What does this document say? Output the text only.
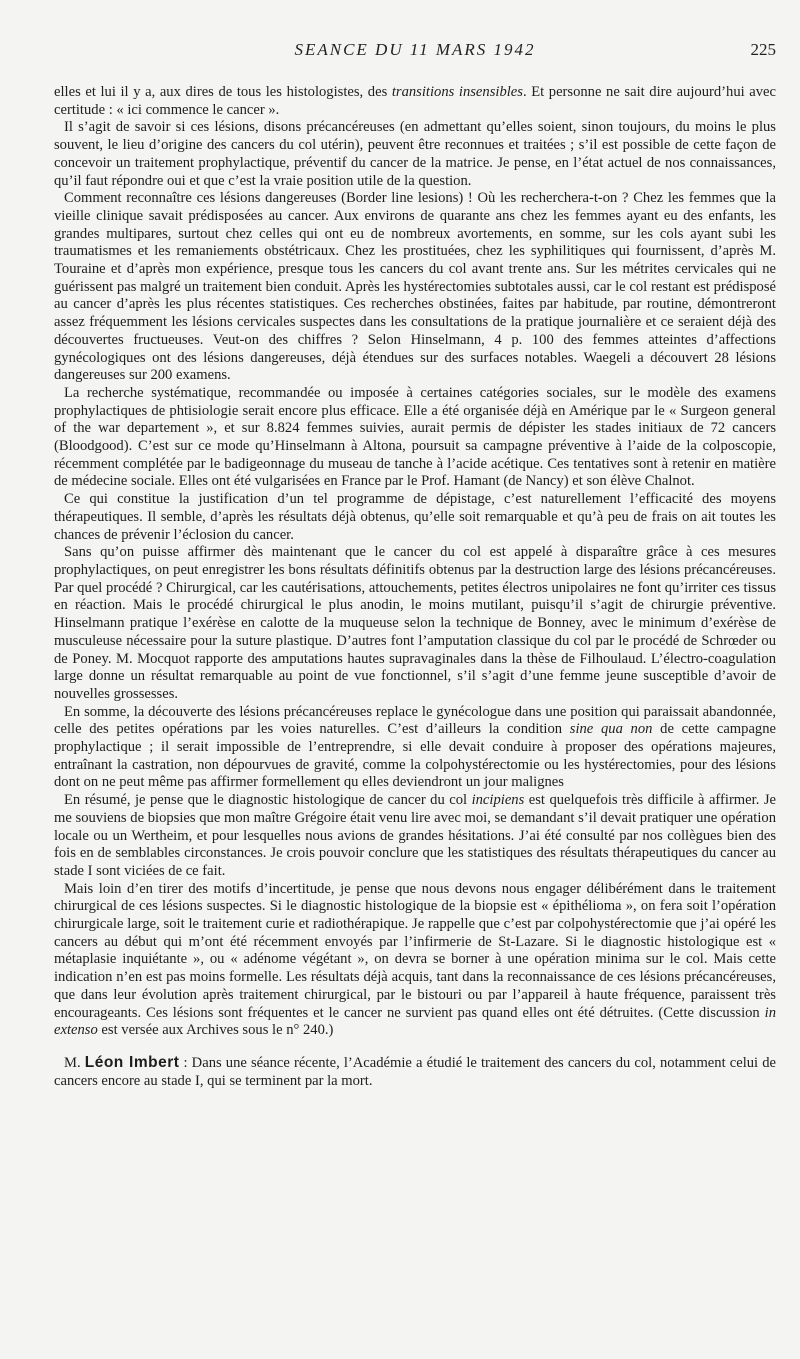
SEANCE DU 11 MARS 1942	225

elles et lui il y a, aux dires de tous les histologistes, des transitions insensibles. Et personne ne sait dire aujourd’hui avec certitude : « ici commence le cancer ».

Il s’agit de savoir si ces lésions, disons précancéreuses (en admettant qu’elles soient, sinon toujours, du moins le plus souvent, le lieu d’origine des cancers du col utérin), peuvent être reconnues et traitées ; s’il est possible de cette façon de concevoir un traitement prophylactique, préventif du cancer de la matrice. Je pense, en l’état actuel de nos connaissances, qu’il faut répondre oui et que c’est la vraie position utile de la question.

Comment reconnaître ces lésions dangereuses (Border line lesions) ! Où les recherchera-t-on ? Chez les femmes que la vieille clinique savait prédisposées au cancer. Aux environs de quarante ans chez les femmes ayant eu des enfants, les grandes multipares, surtout chez celles qui ont eu de nombreux avortements, en somme, sur les cols ayant subi les traumatismes et les remaniements obstétricaux. Chez les prostituées, chez les syphilitiques qui fournissent, d’après M. Touraine et d’après mon expérience, presque tous les cancers du col avant trente ans. Sur les métrites cervicales qui ne guérissent pas malgré un traitement bien conduit. Après les hystérectomies subtotales aussi, car le col restant est prédisposé au cancer d’après les plus récentes statistiques. Ces recherches obstinées, faites par habitude, par routine, démontreront assez fréquemment les lésions cervicales suspectes dans les consultations de la pratique journalière et ce seraient déjà des découvertes fructueuses. Veut-on des chiffres ? Selon Hinselmann, 4 p. 100 des femmes atteintes d’affections gynécologiques ont des lésions dangereuses, déjà étendues sur des surfaces notables. Waegeli a découvert 28 lésions dangereuses sur 200 examens.

La recherche systématique, recommandée ou imposée à certaines catégories sociales, sur le modèle des examens prophylactiques de phtisiologie serait encore plus efficace. Elle a été organisée déjà en Amérique par le « Surgeon general of the war departement », et sur 8.824 femmes suivies, aurait permis de dépister les stades initiaux de 72 cancers (Bloodgood). C’est sur ce mode qu’Hinselmann à Altona, poursuit sa campagne préventive à l’aide de la colposcopie, récemment complétée par le badigeonnage du museau de tanche à l’acide acétique. Ces tentatives sont à retenir en matière de médecine sociale. Elles ont été vulgarisées en France par le Prof. Hamant (de Nancy) et son élève Chalnot.

Ce qui constitue la justification d’un tel programme de dépistage, c’est naturellement l’efficacité des moyens thérapeutiques. Il semble, d’après les résultats déjà obtenus, qu’elle soit remarquable et qu’à peu de frais on ait toutes les chances de prévenir l’éclosion du cancer.

Sans qu’on puisse affirmer dès maintenant que le cancer du col est appelé à disparaître grâce à ces mesures prophylactiques, on peut enregistrer les bons résultats définitifs obtenus par la destruction large des lésions précancéreuses. Par quel procédé ? Chirurgical, car les cautérisations, attouchements, petites électros unipolaires ne font qu’irriter ces tissus en réaction. Mais le procédé chirurgical le plus anodin, le moins mutilant, puisqu’il s’agit de chirurgie préventive. Hinselmann pratique l’exérèse en calotte de la muqueuse selon la technique de Bonney, avec le minimum d’exérèse de musculeuse nécessaire pour la suture plastique. D’autres font l’amputation classique du col par le procédé de Schrœder ou de Poney. M. Mocquot rapporte des amputations hautes supravaginales dans la thèse de Filhoulaud. L’électro-coagulation large donne un résultat remarquable au point de vue fonctionnel, s’il s’agit d’une femme jeune susceptible d’avoir de nouvelles grossesses.

En somme, la découverte des lésions précancéreuses replace le gynécologue dans une position qui paraissait abandonnée, celle des petites opérations par les voies naturelles. C’est d’ailleurs la condition sine qua non de cette campagne prophylactique ; il serait impossible de l’entreprendre, si elle devait conduire à proposer des opérations majeures, entraînant la castration, non dépourvues de gravité, comme la colpohystérectomie ou les hystérectomies, pour des lésions dont on ne peut même pas affirmer formellement qu elles deviendront un jour malignes

En résumé, je pense que le diagnostic histologique de cancer du col incipiens est quelquefois très difficile à affirmer. Je me souviens de biopsies que mon maître Grégoire était venu lire avec moi, se demandant s’il devait pratiquer une opération locale ou un Wertheim, et pour lesquelles nous avions de grandes hésitations. J’ai été consulté par nos collègues bien des fois en de semblables circonstances. Je crois pouvoir conclure que les statistiques des résultats thérapeutiques du cancer au stade I sont viciées de ce fait.

Mais loin d’en tirer des motifs d’incertitude, je pense que nous devons nous engager délibérément dans le traitement chirurgical de ces lésions suspectes. Si le diagnostic histologique de la biopsie est « épithélioma », on fera soit l’opération chirurgicale large, soit le traitement curie et radiothérapique. Je rappelle que c’est par colpohystérectomie que j’ai opéré les cancers au début qui m’ont été récemment envoyés par l’infirmerie de St-Lazare. Si le diagnostic histologique est « métaplasie inquiétante », ou « adénome végétant », on devra se borner à une opération minima sur le col. Mais cette indication n’en est pas moins formelle. Les résultats déjà acquis, tant dans la reconnaissance de ces lésions précancéreuses, que dans leur évolution après traitement chirurgical, par le bistouri ou par l’appareil à haute fréquence, paraissent très encourageants. Ces lésions sont fréquentes et le cancer ne survient pas quand elles ont été détruites. (Cette discussion in extenso est versée aux Archives sous le n° 240.)

M. Léon Imbert : Dans une séance récente, l’Académie a étudié le traitement des cancers du col, notamment celui de cancers encore au stade I, qui se terminent par la mort.
